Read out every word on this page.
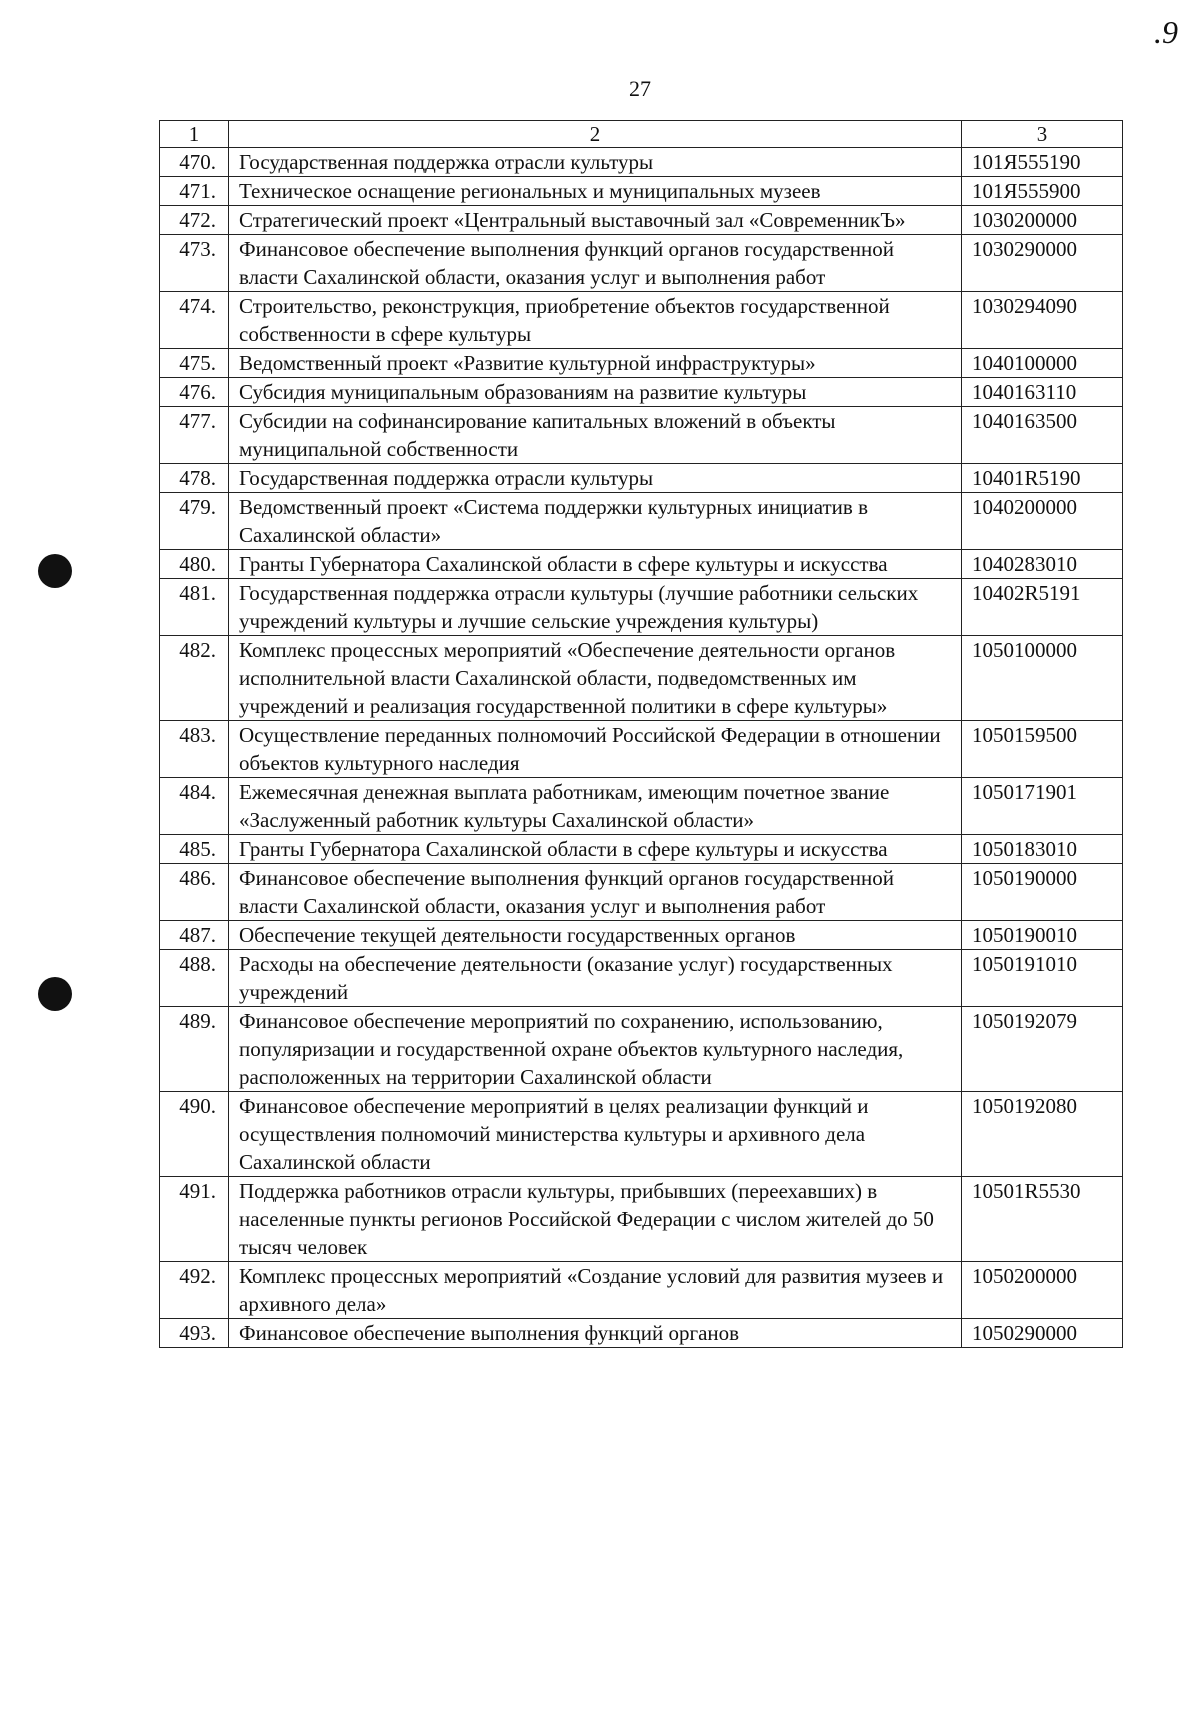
.9
27
1	2	3
470.	Государственная поддержка отрасли культуры	101Я555190
471.	Техническое оснащение региональных и муниципальных музеев	101Я555900
472.	Стратегический проект «Центральный выставочный зал «СовременникЪ»	1030200000
473.	Финансовое обеспечение выполнения функций органов государственной власти Сахалинской области, оказания услуг и выполнения работ	1030290000
474.	Строительство, реконструкция, приобретение объектов государственной собственности в сфере культуры	1030294090
475.	Ведомственный проект «Развитие культурной инфраструктуры»	1040100000
476.	Субсидия муниципальным образованиям на развитие культуры	1040163110
477.	Субсидии на софинансирование капитальных вложений в объекты муниципальной собственности	1040163500
478.	Государственная поддержка отрасли культуры	10401R5190
479.	Ведомственный проект «Система поддержки культурных инициатив в Сахалинской области»	1040200000
480.	Гранты Губернатора Сахалинской области в сфере культуры и искусства	1040283010
481.	Государственная поддержка отрасли культуры (лучшие работники сельских учреждений культуры и лучшие сельские учреждения культуры)	10402R5191
482.	Комплекс процессных мероприятий «Обеспечение деятельности органов исполнительной власти Сахалинской области, подведомственных им учреждений и реализация государственной политики в сфере культуры»	1050100000
483.	Осуществление переданных полномочий Российской Федерации в отношении объектов культурного наследия	1050159500
484.	Ежемесячная денежная выплата работникам, имеющим почетное звание «Заслуженный работник культуры Сахалинской области»	1050171901
485.	Гранты Губернатора Сахалинской области в сфере культуры и искусства	1050183010
486.	Финансовое обеспечение выполнения функций органов государственной власти Сахалинской области, оказания услуг и выполнения работ	1050190000
487.	Обеспечение текущей деятельности государственных органов	1050190010
488.	Расходы на обеспечение деятельности (оказание услуг) государственных учреждений	1050191010
489.	Финансовое обеспечение мероприятий по сохранению, использованию, популяризации и государственной охране объектов культурного наследия, расположенных на территории Сахалинской области	1050192079
490.	Финансовое обеспечение мероприятий в целях реализации функций и осуществления полномочий министерства культуры и архивного дела Сахалинской области	1050192080
491.	Поддержка работников отрасли культуры, прибывших (переехавших) в населенные пункты регионов Российской Федерации с числом жителей до 50 тысяч человек	10501R5530
492.	Комплекс процессных мероприятий «Создание условий для развития музеев и архивного дела»	1050200000
493.	Финансовое обеспечение выполнения функций органов	1050290000
